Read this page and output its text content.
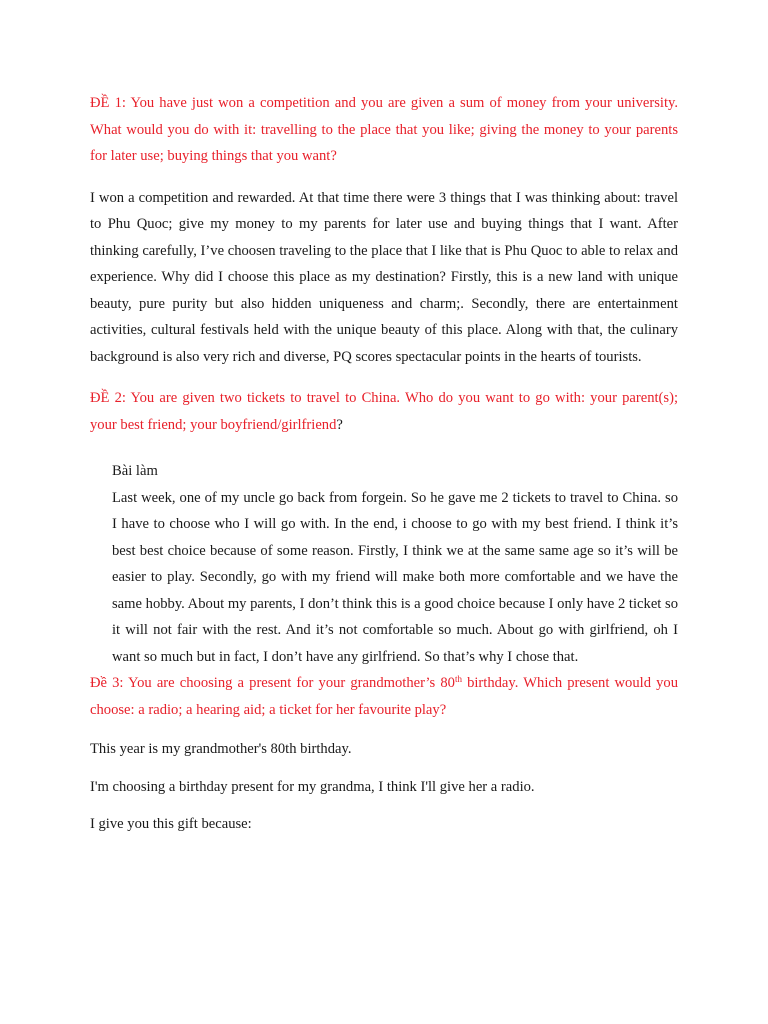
ĐỀ 1: You have just won a competition and you are given a sum of money from your university. What would you do with it: travelling to the place that you like; giving the money to your parents for later use; buying things that you want?

I won a competition and rewarded. At that time there were 3 things that I was thinking about: travel to Phu Quoc; give my money to my parents for later use and buying things that I want. After thinking carefully, I’ve choosen traveling to the place that I like that is Phu Quoc to able to relax and experience. Why did I choose this place as my destination? Firstly, this is a new land with unique beauty, pure purity but also hidden uniqueness and charm;. Secondly, there are entertainment activities, cultural festivals held with the unique beauty of this place. Along with that, the culinary background is also very rich and diverse, PQ scores spectacular points in the hearts of tourists.

ĐỀ 2: You are given two tickets to travel to China. Who do you want to go with: your parent(s); your best friend; your boyfriend/girlfriend?

Bài làm

Last week, one of my uncle go back from forgein. So he gave me 2 tickets to travel to China. so I have to choose who I will go with. In the end, i choose to go with my best friend. I think it’s best best choice because of some reason. Firstly, I think we at the same same age so it’s will be easier to play. Secondly, go with my friend will make both more comfortable and we have the same hobby. About my parents, I don’t think this is a good choice because I only have 2 ticket so it will not fair with the rest. And it’s not comfortable so much. About go with girlfriend, oh I want so much but in fact, I don’t have any girlfriend. So that’s why I chose that.

Đề 3: You are choosing a present for your grandmother’s 80th birthday. Which present would you choose: a radio; a hearing aid; a ticket for her favourite play?

This year is my grandmother's 80th birthday.

I'm choosing a birthday present for my grandma, I think I'll give her a radio.

I give you this gift because:
